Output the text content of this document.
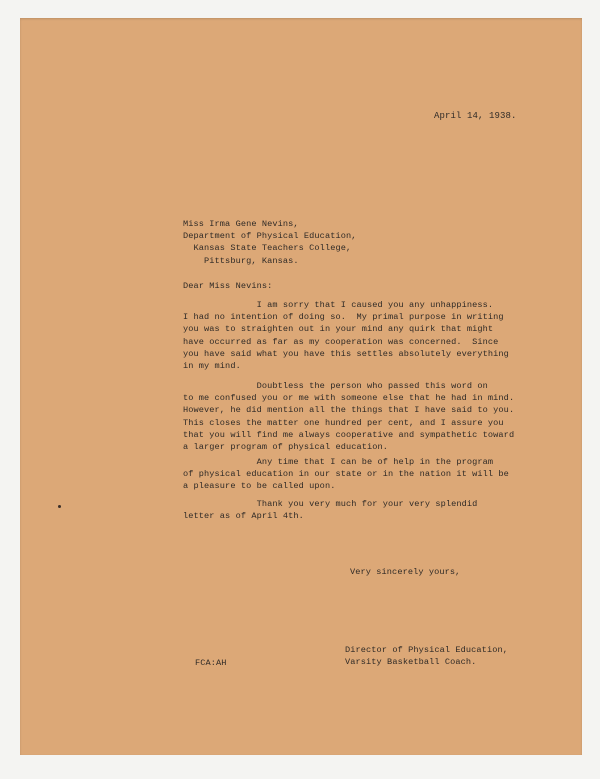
April 14, 1938.
Miss Irma Gene Nevins,
Department of Physical Education,
Kansas State Teachers College,
Pittsburg, Kansas.
Dear Miss Nevins:
I am sorry that I caused you any unhappiness.
I had no intention of doing so.  My primal purpose in writing
you was to straighten out in your mind any quirk that might
have occurred as far as my cooperation was concerned.  Since
you have said what you have this settles absolutely everything
in my mind.
Doubtless the person who passed this word on
to me confused you or me with someone else that he had in mind.
However, he did mention all the things that I have said to you.
This closes the matter one hundred per cent, and I assure you
that you will find me always cooperative and sympathetic toward
a larger program of physical education.
Any time that I can be of help in the program
of physical education in our state or in the nation it will be
a pleasure to be called upon.
Thank you very much for your very splendid
letter as of April 4th.
Very sincerely yours,
FCA:AH
Director of Physical Education,
Varsity Basketball Coach.
